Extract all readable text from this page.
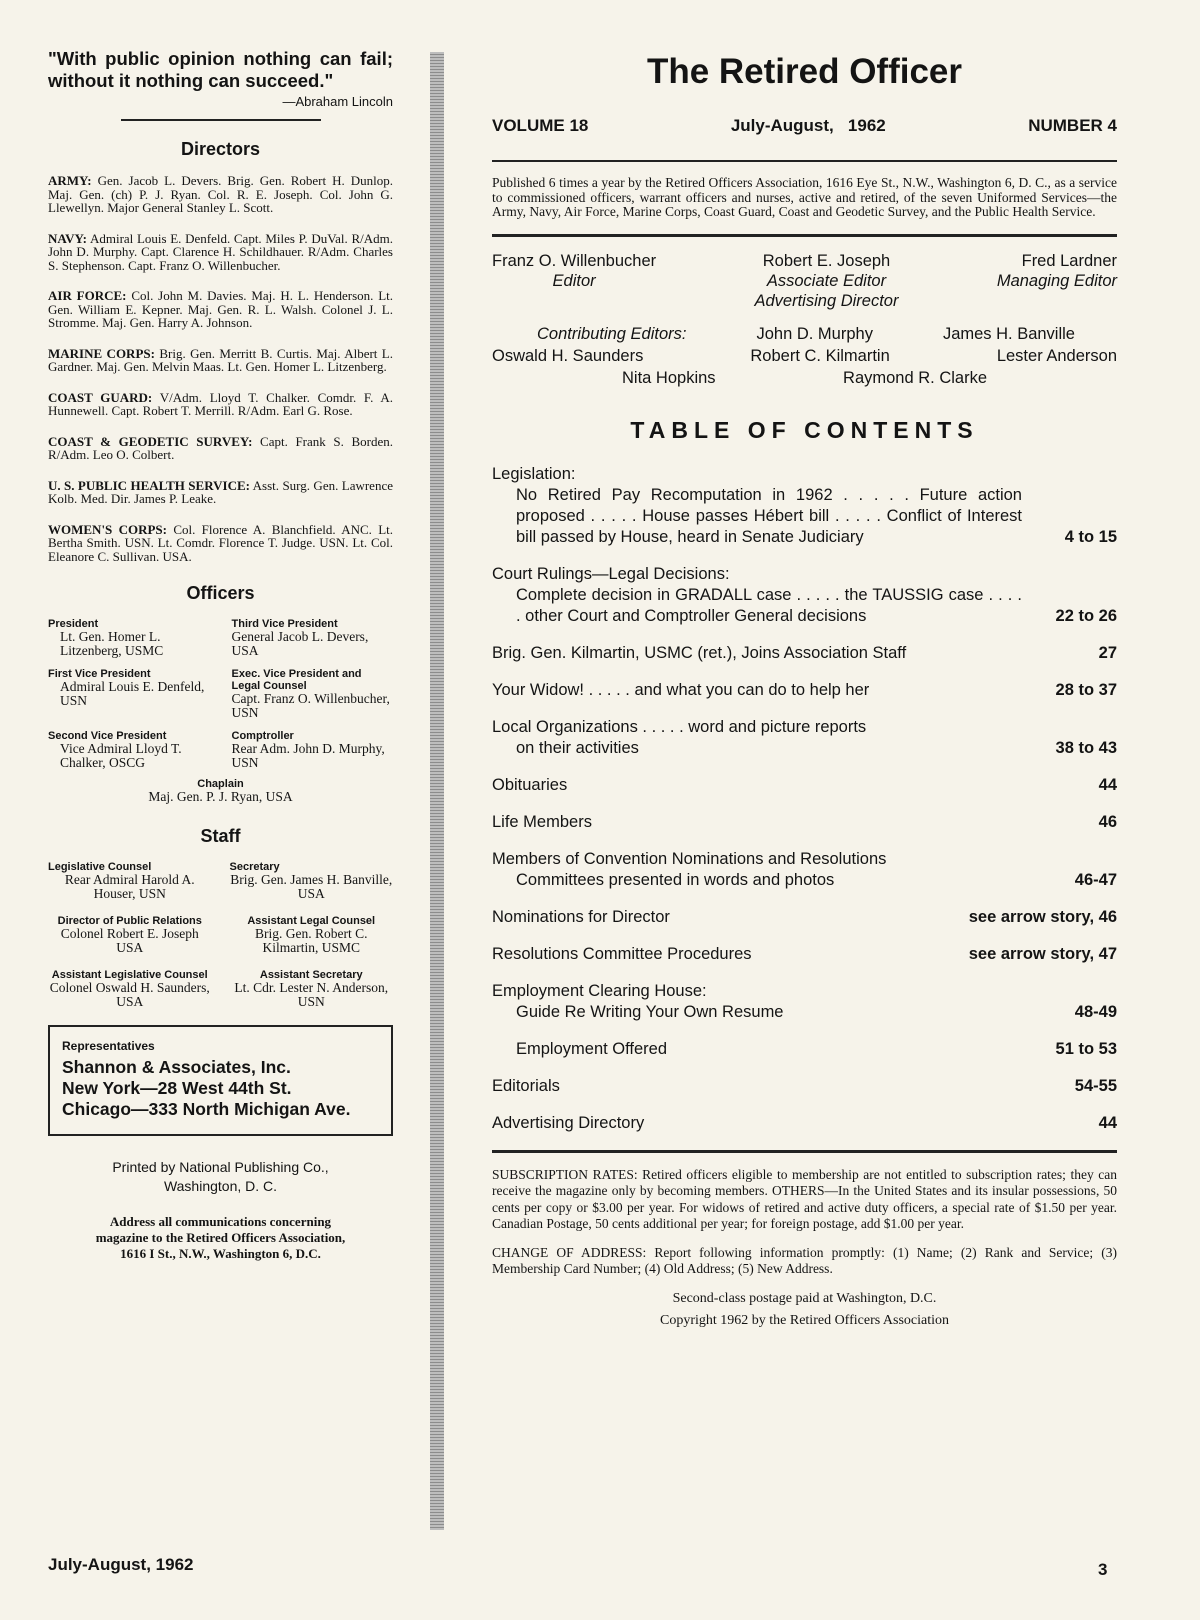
"With public opinion nothing can fail; without it nothing can succeed."
—Abraham Lincoln
Directors
ARMY: Gen. Jacob L. Devers. Brig. Gen. Robert H. Dunlop. Maj. Gen. (ch) P. J. Ryan. Col. R. E. Joseph. Col. John G. Llewellyn. Major General Stanley L. Scott.
NAVY: Admiral Louis E. Denfeld. Capt. Miles P. DuVal. R/Adm. John D. Murphy. Capt. Clarence H. Schildhauer. R/Adm. Charles S. Stephenson. Capt. Franz O. Willenbucher.
AIR FORCE: Col. John M. Davies. Maj. H. L. Henderson. Lt. Gen. William E. Kepner. Maj. Gen. R. L. Walsh. Colonel J. L. Stromme. Maj. Gen. Harry A. Johnson.
MARINE CORPS: Brig. Gen. Merritt B. Curtis. Maj. Albert L. Gardner. Maj. Gen. Melvin Maas. Lt. Gen. Homer L. Litzenberg.
COAST GUARD: V/Adm. Lloyd T. Chalker. Comdr. F. A. Hunnewell. Capt. Robert T. Merrill. R/Adm. Earl G. Rose.
COAST & GEODETIC SURVEY: Capt. Frank S. Borden. R/Adm. Leo O. Colbert.
U. S. PUBLIC HEALTH SERVICE: Asst. Surg. Gen. Lawrence Kolb. Med. Dir. James P. Leake.
WOMEN'S CORPS: Col. Florence A. Blanchfield. ANC. Lt. Bertha Smith. USN. Lt. Comdr. Florence T. Judge. USN. Lt. Col. Eleanore C. Sullivan. USA.
Officers
President
Lt. Gen. Homer L. Litzenberg, USMC
Third Vice President
General Jacob L. Devers, USA
First Vice President
Admiral Louis E. Denfeld, USN
Exec. Vice President and Legal Counsel
Capt. Franz O. Willenbucher, USN
Second Vice President
Vice Admiral Lloyd T. Chalker, OSCG
Comptroller
Rear Adm. John D. Murphy, USN
Chaplain
Maj. Gen. P. J. Ryan, USA
Staff
Legislative Counsel
Rear Admiral Harold A. Houser, USN
Secretary
Brig. Gen. James H. Banville, USA
Director of Public Relations
Colonel Robert E. Joseph USA
Assistant Legal Counsel
Brig. Gen. Robert C. Kilmartin, USMC
Assistant Legislative Counsel
Colonel Oswald H. Saunders, USA
Assistant Secretary
Lt. Cdr. Lester N. Anderson, USN
Representatives
Shannon & Associates, Inc.
New York—28 West 44th St.
Chicago—333 North Michigan Ave.
Printed by National Publishing Co.,
Washington, D. C.
Address all communications concerning
magazine to the Retired Officers Association,
1616 I St., N.W., Washington 6, D.C.
July-August, 1962
The Retired Officer
VOLUME 18	July-August,   1962	NUMBER 4
Published 6 times a year by the Retired Officers Association, 1616 Eye St., N.W., Washington 6, D. C., as a service to commissioned officers, warrant officers and nurses, active and retired, of the seven Uniformed Services—the Army, Navy, Air Force, Marine Corps, Coast Guard, Coast and Geodetic Survey, and the Public Health Service.
Franz O. Willenbucher
Editor
Robert E. Joseph
Associate Editor
Advertising Director
Fred Lardner
Managing Editor
Contributing Editors:	John D. Murphy	James H. Banville
Oswald H. Saunders	Robert C. Kilmartin	Lester Anderson
Nita Hopkins	Raymond R. Clarke
TABLE OF CONTENTS
Legislation:
No Retired Pay Recomputation in 1962 . . . . . Future action proposed . . . . . House passes Hébert bill . . . . . Conflict of Interest bill passed by House, heard in Senate Judiciary	4 to 15
Court Rulings—Legal Decisions:
Complete decision in GRADALL case . . . . . the TAUSSIG case . . . . . other Court and Comptroller General decisions	22 to 26
Brig. Gen. Kilmartin, USMC (ret.), Joins Association Staff	27
Your Widow! . . . . . and what you can do to help her	28 to 37
Local Organizations . . . . . word and picture reports
on their activities	38 to 43
Obituaries	44
Life Members	46
Members of Convention Nominations and Resolutions
Committees presented in words and photos	46-47
Nominations for Director	see arrow story, 46
Resolutions Committee Procedures	see arrow story, 47
Employment Clearing House:
Guide Re Writing Your Own Resume	48-49
Employment Offered	51 to 53
Editorials	54-55
Advertising Directory	44
SUBSCRIPTION RATES: Retired officers eligible to membership are not entitled to subscription rates; they can receive the magazine only by becoming members. OTHERS—In the United States and its insular possessions, 50 cents per copy or $3.00 per year. For widows of retired and active duty officers, a special rate of $1.50 per year. Canadian Postage, 50 cents additional per year; for foreign postage, add $1.00 per year.
CHANGE OF ADDRESS: Report following information promptly: (1) Name; (2) Rank and Service; (3) Membership Card Number; (4) Old Address; (5) New Address.
Second-class postage paid at Washington, D.C.
Copyright 1962 by the Retired Officers Association
3
